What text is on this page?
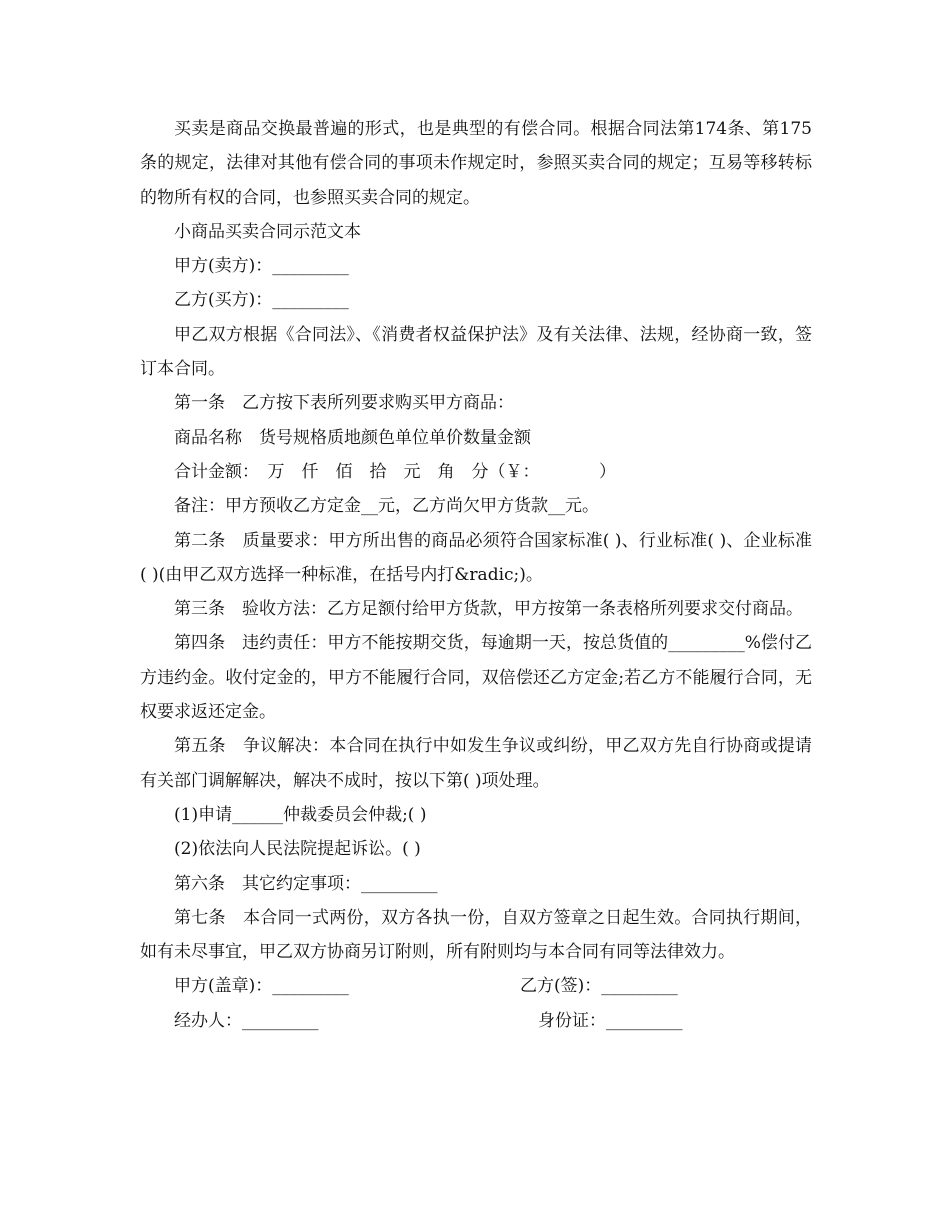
买卖是商品交换最普遍的形式，也是典型的有偿合同。根据合同法第174条、第175条的规定，法律对其他有偿合同的事项未作规定时，参照买卖合同的规定；互易等移转标的物所有权的合同，也参照买卖合同的规定。

小商品买卖合同示范文本

甲方(卖方)：_________

乙方(买方)：_________

甲乙双方根据《合同法》、《消费者权益保护法》及有关法律、法规，经协商一致，签订本合同。

第一条　乙方按下表所列要求购买甲方商品：

商品名称　货号规格质地颜色单位单价数量金额

合计金额：　万　仟　佰　拾　元　角　分（￥：　　　　）

备注：甲方预收乙方定金__元，乙方尚欠甲方货款__元。

第二条　质量要求：甲方所出售的商品必须符合国家标准( )、行业标准( )、企业标准( )(由甲乙双方选择一种标准，在括号内打&radic;)。

第三条　验收方法：乙方足额付给甲方货款，甲方按第一条表格所列要求交付商品。

第四条　违约责任：甲方不能按期交货，每逾期一天，按总货值的_________%偿付乙方违约金。收付定金的，甲方不能履行合同，双倍偿还乙方定金;若乙方不能履行合同，无权要求返还定金。

第五条　争议解决：本合同在执行中如发生争议或纠纷，甲乙双方先自行协商或提请有关部门调解解决，解决不成时，按以下第( )项处理。

(1)申请______仲裁委员会仲裁;( )

(2)依法向人民法院提起诉讼。( )

第六条　其它约定事项：_________

第七条　本合同一式两份，双方各执一份，自双方签章之日起生效。合同执行期间，如有未尽事宜，甲乙双方协商另订附则，所有附则均与本合同有同等法律效力。

甲方(盖章)：_________	乙方(签)：_________
经办人：_________	身份证：_________
